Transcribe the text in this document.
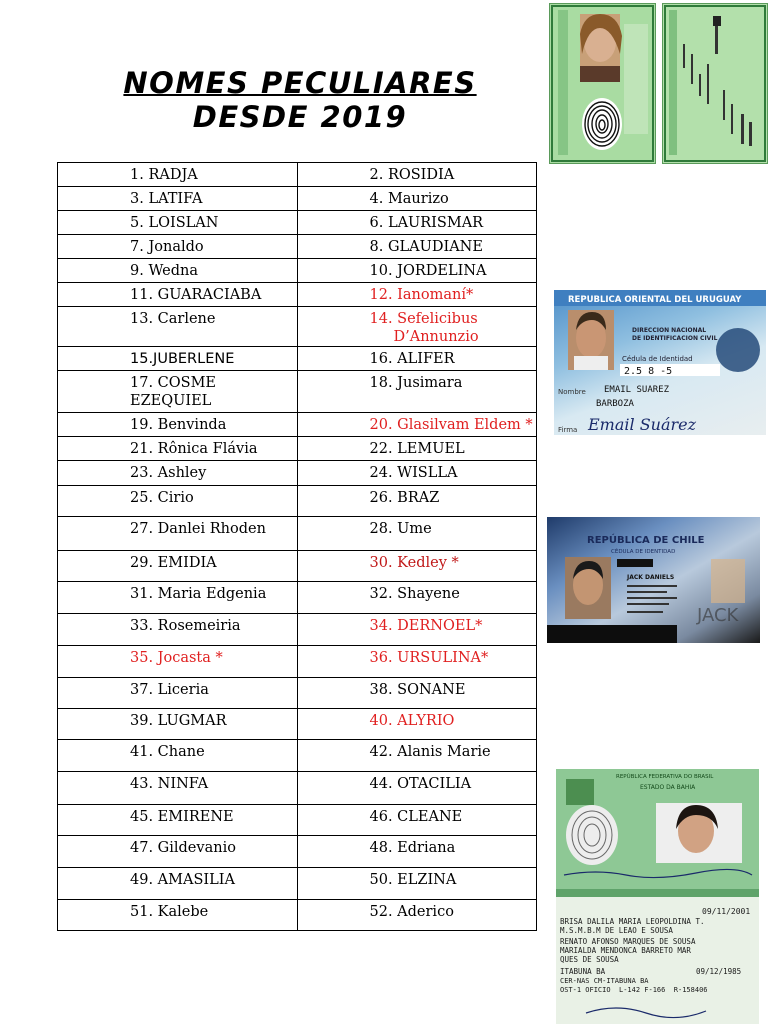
NOMES PECULIARES
DESDE 2019
1. RADJA	2. ROSIDIA

3. LATIFA	4. Maurizo

5. LOISLAN	6. LAURISMAR

7. Jonaldo	8. GLAUDIANE

9. Wedna	10. JORDELINA

11. GUARACIABA	12. Ianomaní*

13. Carlene	14. Sefelicibus
D’Annunzio

15.JUBERLENE	16. ALIFER

17. COSME EZEQUIEL	18. Jusimara

19. Benvinda	20. Glasilvam Eldem *

21. Rônica Flávia	22. LEMUEL

23. Ashley	24. WISLLA

25. Cirio	26. BRAZ

27. Danlei Rhoden	28. Ume

29. EMIDIA	30. Kedley *

31. Maria Edgenia	32. Shayene

33. Rosemeiria	34. DERNOEL*

35. Jocasta *	36. URSULINA*

37. Liceria	38. SONANE

39. LUGMAR	40. ALYRIO

41. Chane	42. Alanis Marie

43. NINFA	44. OTACILIA

45. EMIRENE	46. CLEANE

47. Gildevanio	48. Edriana

49. AMASILIA	50. ELZINA

51. Kalebe	52. Aderico
REPUBLICA ORIENTAL DEL URUGUAY
DIRECCION NACIONAL
DE IDENTIFICACION CIVIL
Cédula de Identidad
2.5 8 -5
Nombre EMAIL SUAREZ
BARBOZA
Firma Email Suárez
REPÚBLICA DE CHILE
CÉDULA DE IDENTIDAD
JACK DANIELS
JACK
REPÚBLICA FEDERATIVA DO BRASIL
ESTADO DA BAHIA
09/11/2001
BRISA DALILA MARIA LEOPOLDINA T.
M.S.M.B.M DE LEAO E SOUSA
RENATO AFONSO MARQUES DE SOUSA
MARIALDA MENDONCA BARRETO MAR
QUES DE SOUSA
ITABUNA BA	09/12/1985
CER-NAS CM-ITABUNA BA
OST-1 OFICIO  L-142 F-166  R-158406
